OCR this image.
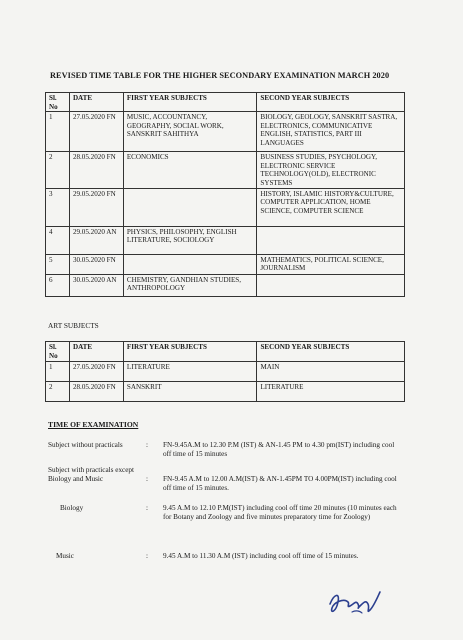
REVISED TIME TABLE FOR THE HIGHER SECONDARY EXAMINATION MARCH 2020
Sl. No	DATE	FIRST YEAR SUBJECTS	SECOND YEAR SUBJECTS
1	27.05.2020 FN	MUSIC, ACCOUNTANCY, GEOGRAPHY, SOCIAL WORK, SANSKRIT SAHITHYA	BIOLOGY, GEOLOGY, SANSKRIT SASTRA, ELECTRONICS, COMMUNICATIVE ENGLISH, STATISTICS, PART III LANGUAGES
2	28.05.2020 FN	ECONOMICS	BUSINESS STUDIES, PSYCHOLOGY, ELECTRONIC SERVICE TECHNOLOGY(OLD), ELECTRONIC SYSTEMS
3	29.05.2020 FN		HISTORY, ISLAMIC HISTORY&CULTURE, COMPUTER APPLICATION, HOME SCIENCE, COMPUTER SCIENCE
4	29.05.2020 AN	PHYSICS, PHILOSOPHY, ENGLISH LITERATURE, SOCIOLOGY	
5	30.05.2020 FN		MATHEMATICS, POLITICAL SCIENCE, JOURNALISM
6	30.05.2020 AN	CHEMISTRY, GANDHIAN STUDIES, ANTHROPOLOGY	
ART SUBJECTS
Sl. No	DATE	FIRST YEAR SUBJECTS	SECOND YEAR SUBJECTS
1	27.05.2020 FN	LITERATURE	MAIN
2	28.05.2020 FN	SANSKRIT	LITERATURE
TIME OF EXAMINATION
Subject without practicals	: FN-9.45A.M to 12.30 P.M (IST) & AN-1.45 PM to 4.30 pm(IST) including cool off time of 15 minutes
Subject with practicals except Biology and Music	: FN-9.45 A.M to 12.00 A.M(IST) & AN-1.45PM TO 4.00PM(IST) including cool off time of 15 minutes.
Biology	: 9.45 A.M to 12.10 P.M(IST) including cool off time 20 minutes (10 minutes each for Botany and Zoology and five minutes preparatory time for Zoology)
Music	: 9.45 A.M to 11.30 A.M (IST) including cool off time of 15 minutes.
